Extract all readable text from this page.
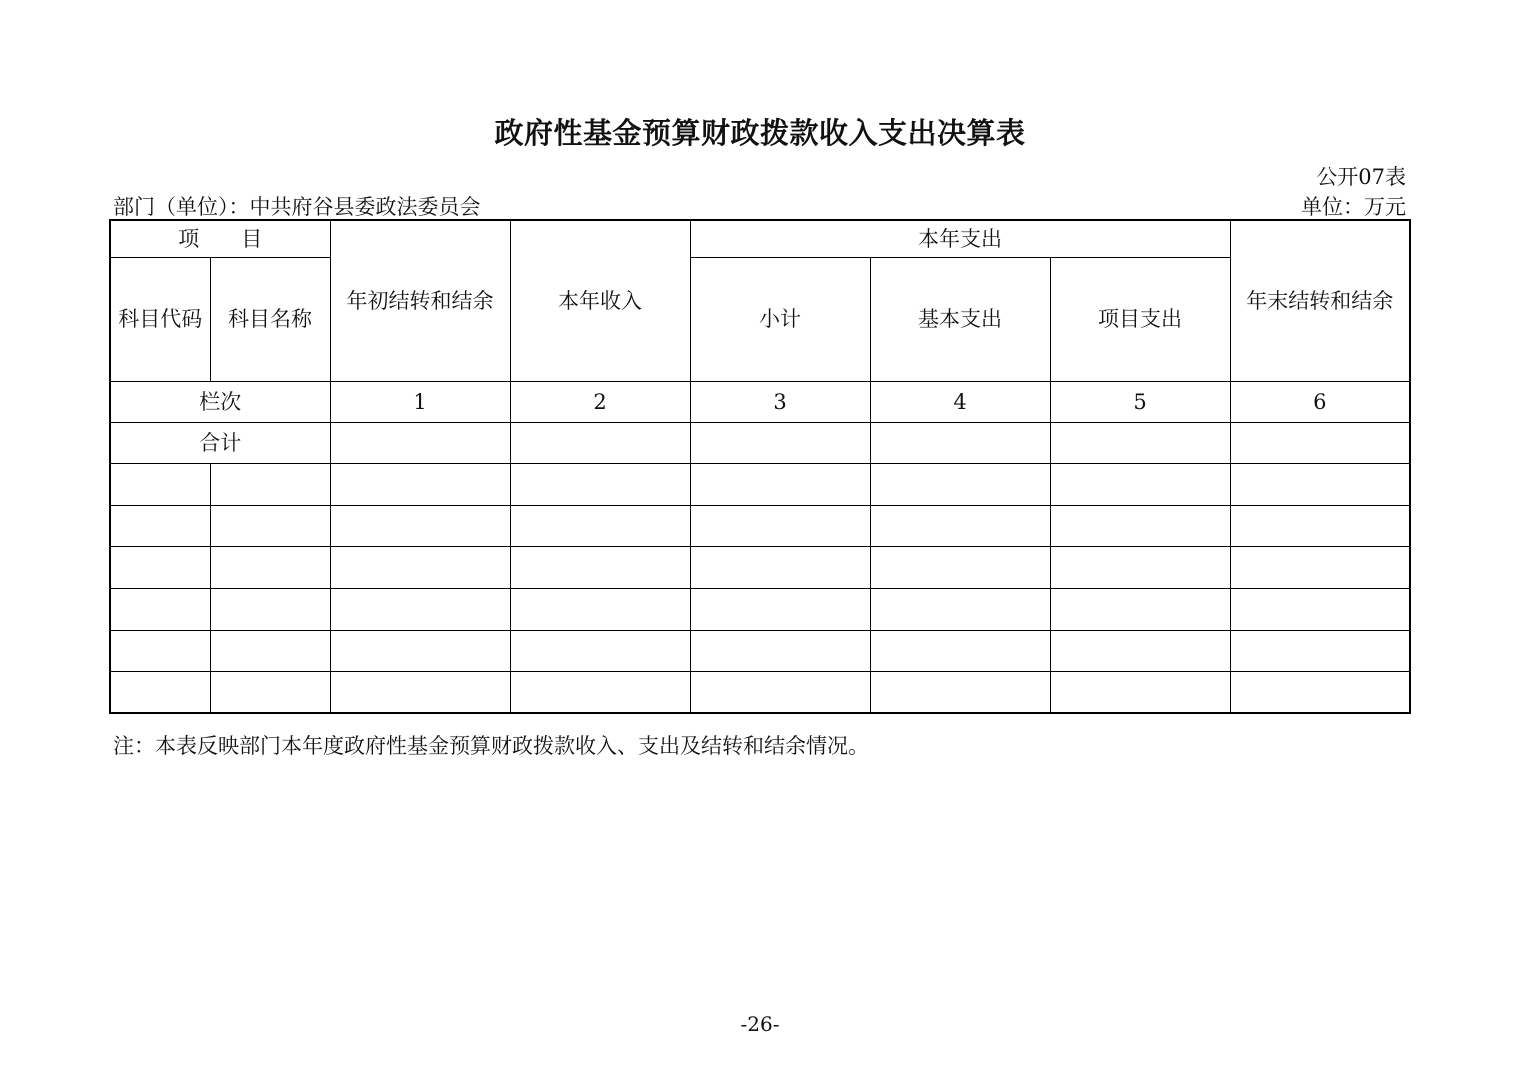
政府性基金预算财政拨款收入支出决算表
公开07表
部门（单位）：中共府谷县委政法委员会	单位：万元
项　　目		年初结转和结余	本年收入	本年支出			年末结转和结余
科目代码	科目名称			小计	基本支出	项目支出	
栏次		1	2	3	4	5	6
合计							

注：本表反映部门本年度政府性基金预算财政拨款收入、支出及结转和结余情况。
-26-
